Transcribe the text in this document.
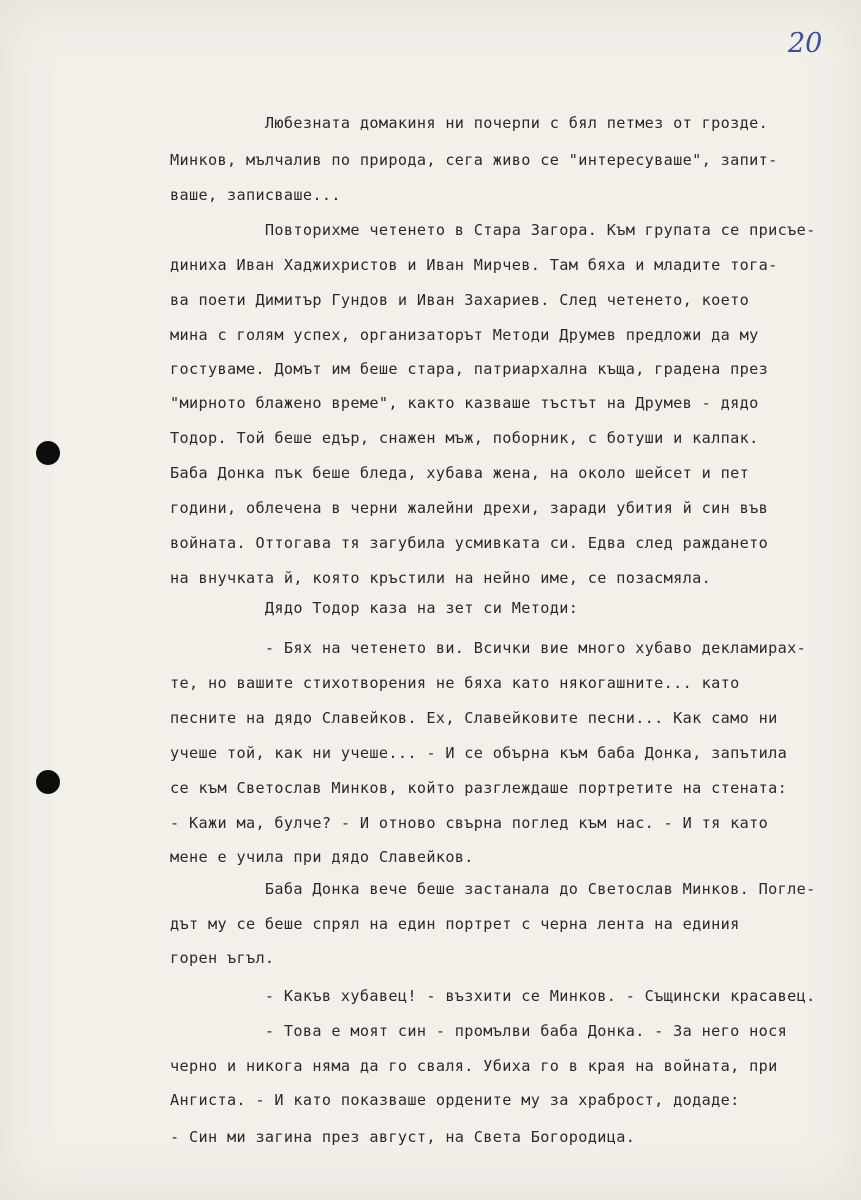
20

Любезната домакиня ни почерпи с бял петмез от грозде.

Минков, мълчалив по природа, сега живо се "интересуваше", запит-

ваше, записваше...

Повторихме четенето в Стара Загора. Към групата се присъе-

диниха Иван Хаджихристов и Иван Мирчев. Там бяха и младите тога-

ва поети Димитър Гундов и Иван Захариев. След четенето, което

мина с голям успех, организаторът Методи Друмев предложи да му

гостуваме. Домът им беше стара, патриархална къща, градена през

"мирното блажено време", както казваше тъстът на Друмев - дядо

Тодор. Той беше едър, снажен мъж, поборник, с ботуши и калпак.

Баба Донка пък беше бледа, хубава жена, на около шейсет и пет

години, облечена в черни жалейни дрехи, заради убития й син във

войната. Оттогава тя загубила усмивката си. Едва след раждането

на внучката й, която кръстили на нейно име, се позасмяла.

Дядо Тодор каза на зет си Методи:

- Бях на четенето ви. Всички вие много хубаво декламирах-

те, но вашите стихотворения не бяха като някогашните... като

песните на дядо Славейков. Ех, Славейковите песни... Как само ни

учеше той, как ни учеше... - И се обърна към баба Донка, запътила

се към Светослав Минков, който разглеждаше портретите на стената:

- Кажи ма, булче? - И отново свърна поглед към нас. - И тя като

мене е учила при дядо Славейков.

Баба Донка вече беше застанала до Светослав Минков. Погле-

дът му се беше спрял на един портрет с черна лента на единия

горен ъгъл.

- Какъв хубавец! - възхити се Минков. - Същински красавец.

- Това е моят син - промълви баба Донка. - За него нося

черно и никога няма да го сваля. Убиха го в края на войната, при

Ангиста. - И като показваше ордените му за храброст, додаде:

- Син ми загина през август, на Света Богородица.
